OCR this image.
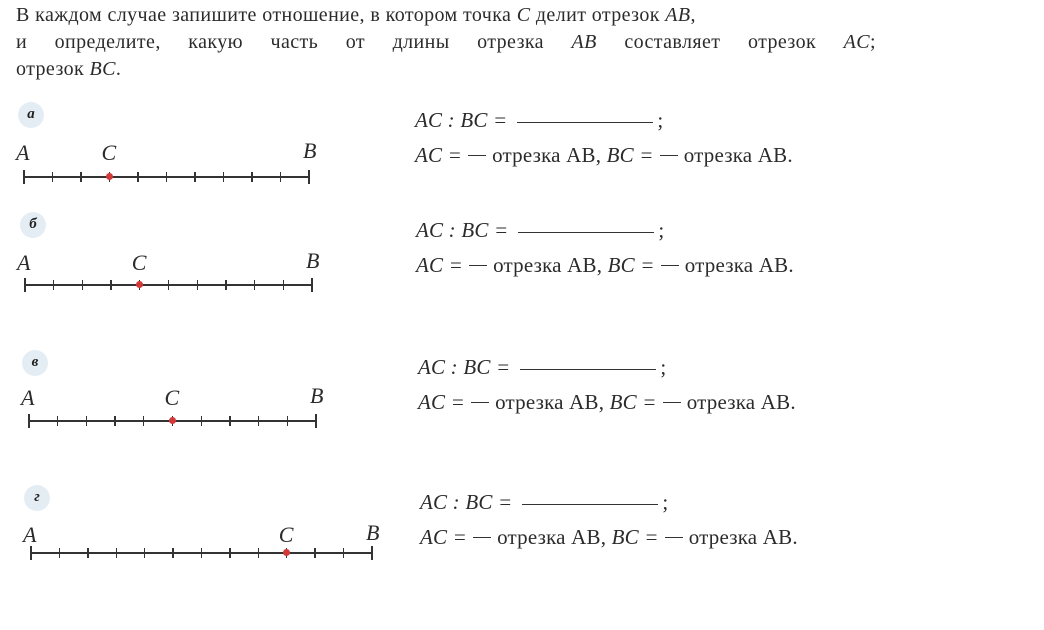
В каждом случае запишите отношение, в котором точка C делит отрезок AB,
и определите, какую часть от длины отрезка AB составляет отрезок AC;
отрезок BC.

а
A	C	B
AC : BC =	;
AC = отрезка AB, BC = отрезка AB.
б
A	C	B
AC : BC =	;
AC = отрезка AB, BC = отрезка AB.
в
A	C	B
AC : BC =	;
AC = отрезка AB, BC = отрезка AB.
г
A	C	B
AC : BC =	;
AC = отрезка AB, BC = отрезка AB.
